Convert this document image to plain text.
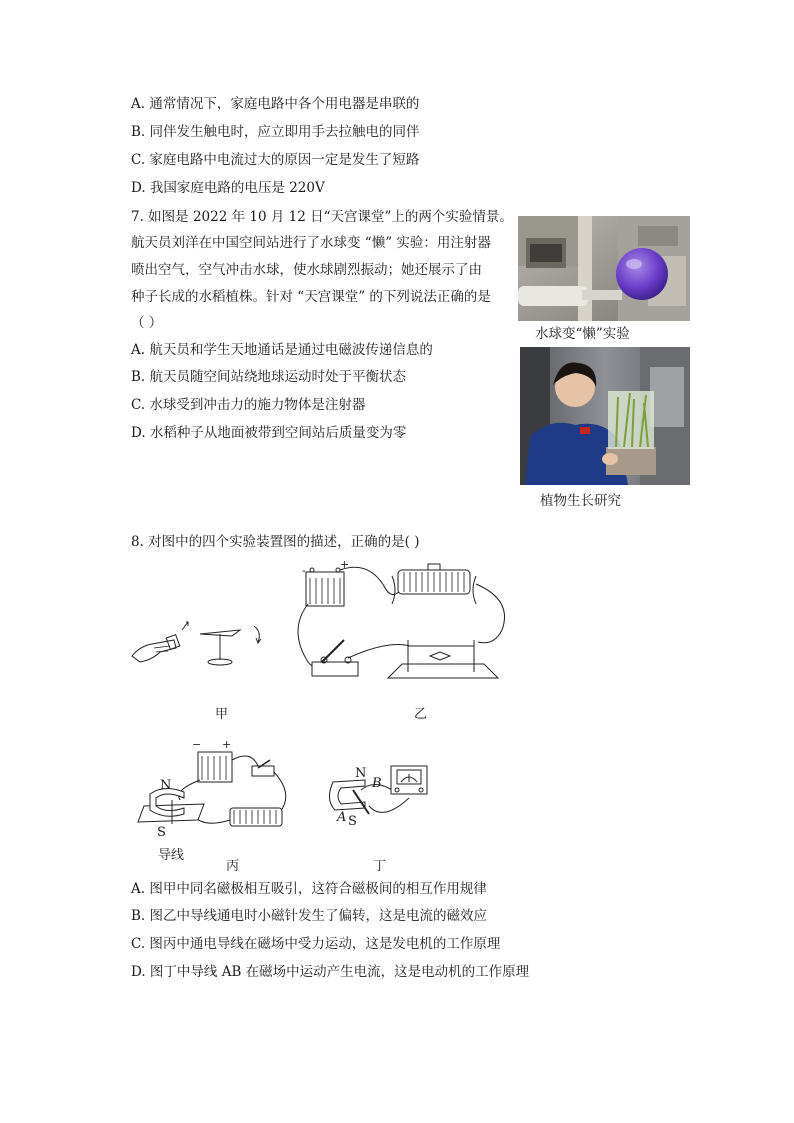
A. 通常情况下，家庭电路中各个用电器是串联的
B. 同伴发生触电时，应立即用手去拉触电的同伴
C. 家庭电路中电流过大的原因一定是发生了短路
D. 我国家庭电路的电压是 220V
7. 如图是 2022 年 10 月 12 日“天宫课堂”上的两个实验情景。
航天员刘洋在中国空间站进行了水球变 “懒” 实验：用注射器
喷出空气，空气冲击水球，使水球剧烈振动；她还展示了由
种子长成的水稻植株。针对 “天宫课堂” 的下列说法正确的是
（ ）
A. 航天员和学生天地通话是通过电磁波传递信息的
B. 航天员随空间站绕地球运动时处于平衡状态
C. 水球受到冲击力的施力物体是注射器
D. 水稻种子从地面被带到空间站后质量变为零
水球变“懒”实验
植物生长研究
8. 对图中的四个实验装置图的描述，正确的是( )
甲
-	+
乙
− +
N
S
导线
丙
N
B
A S
丁
A. 图甲中同名磁极相互吸引，这符合磁极间的相互作用规律
B. 图乙中导线通电时小磁针发生了偏转，这是电流的磁效应
C. 图丙中通电导线在磁场中受力运动，这是发电机的工作原理
D. 图丁中导线 AB 在磁场中运动产生电流，这是电动机的工作原理
